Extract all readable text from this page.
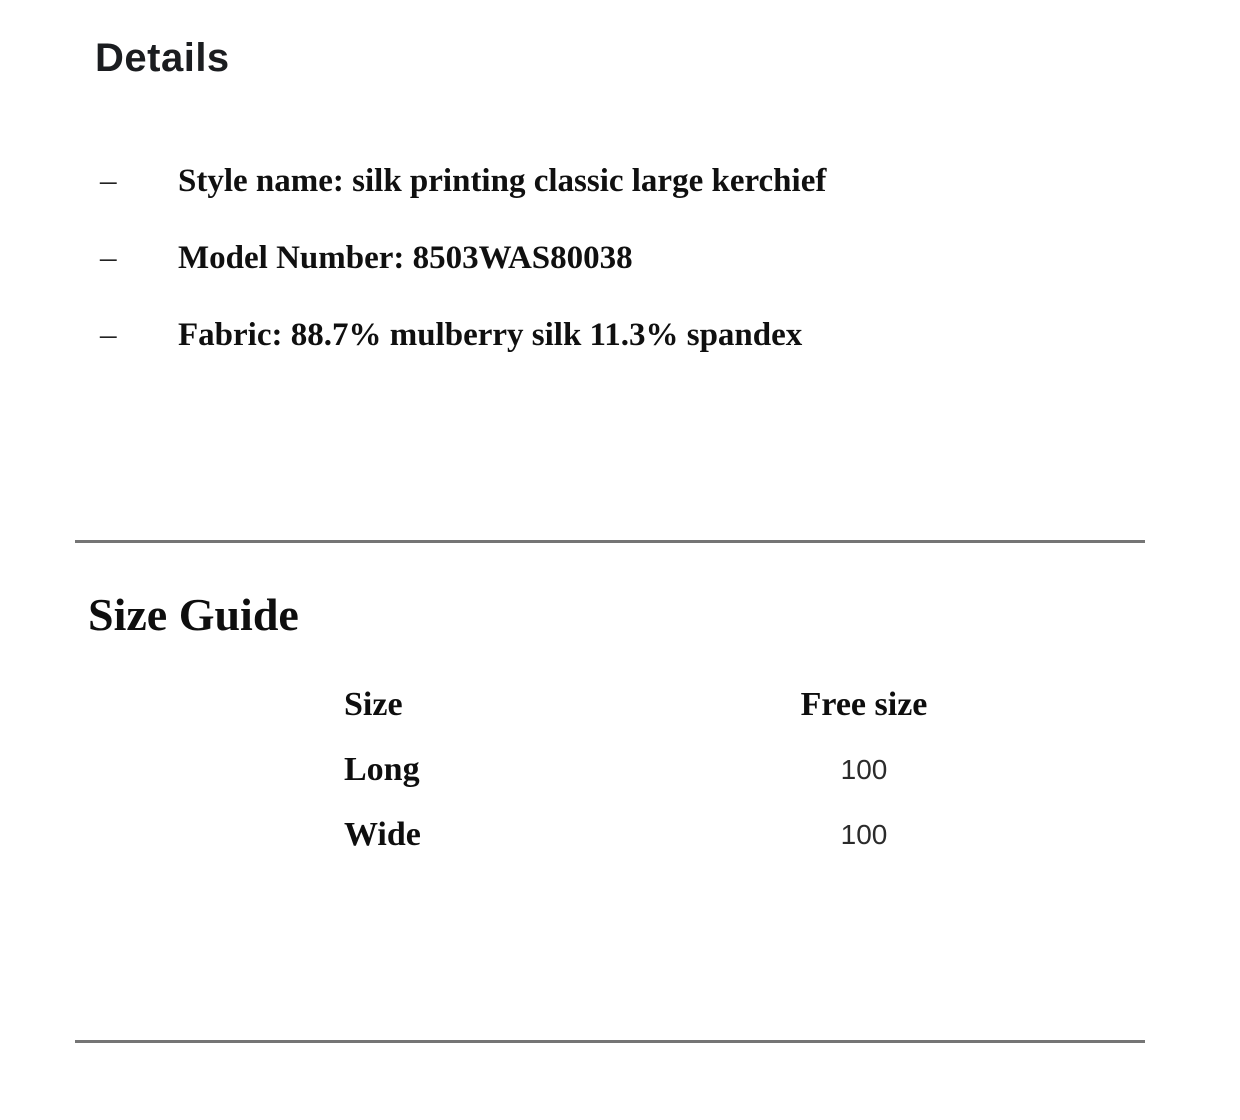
Details
–	Style name: silk printing classic large kerchief
–	Model Number: 8503WAS80038
–	Fabric: 88.7% mulberry silk 11.3% spandex
Size Guide
Size	Free size
Long	100
Wide	100
